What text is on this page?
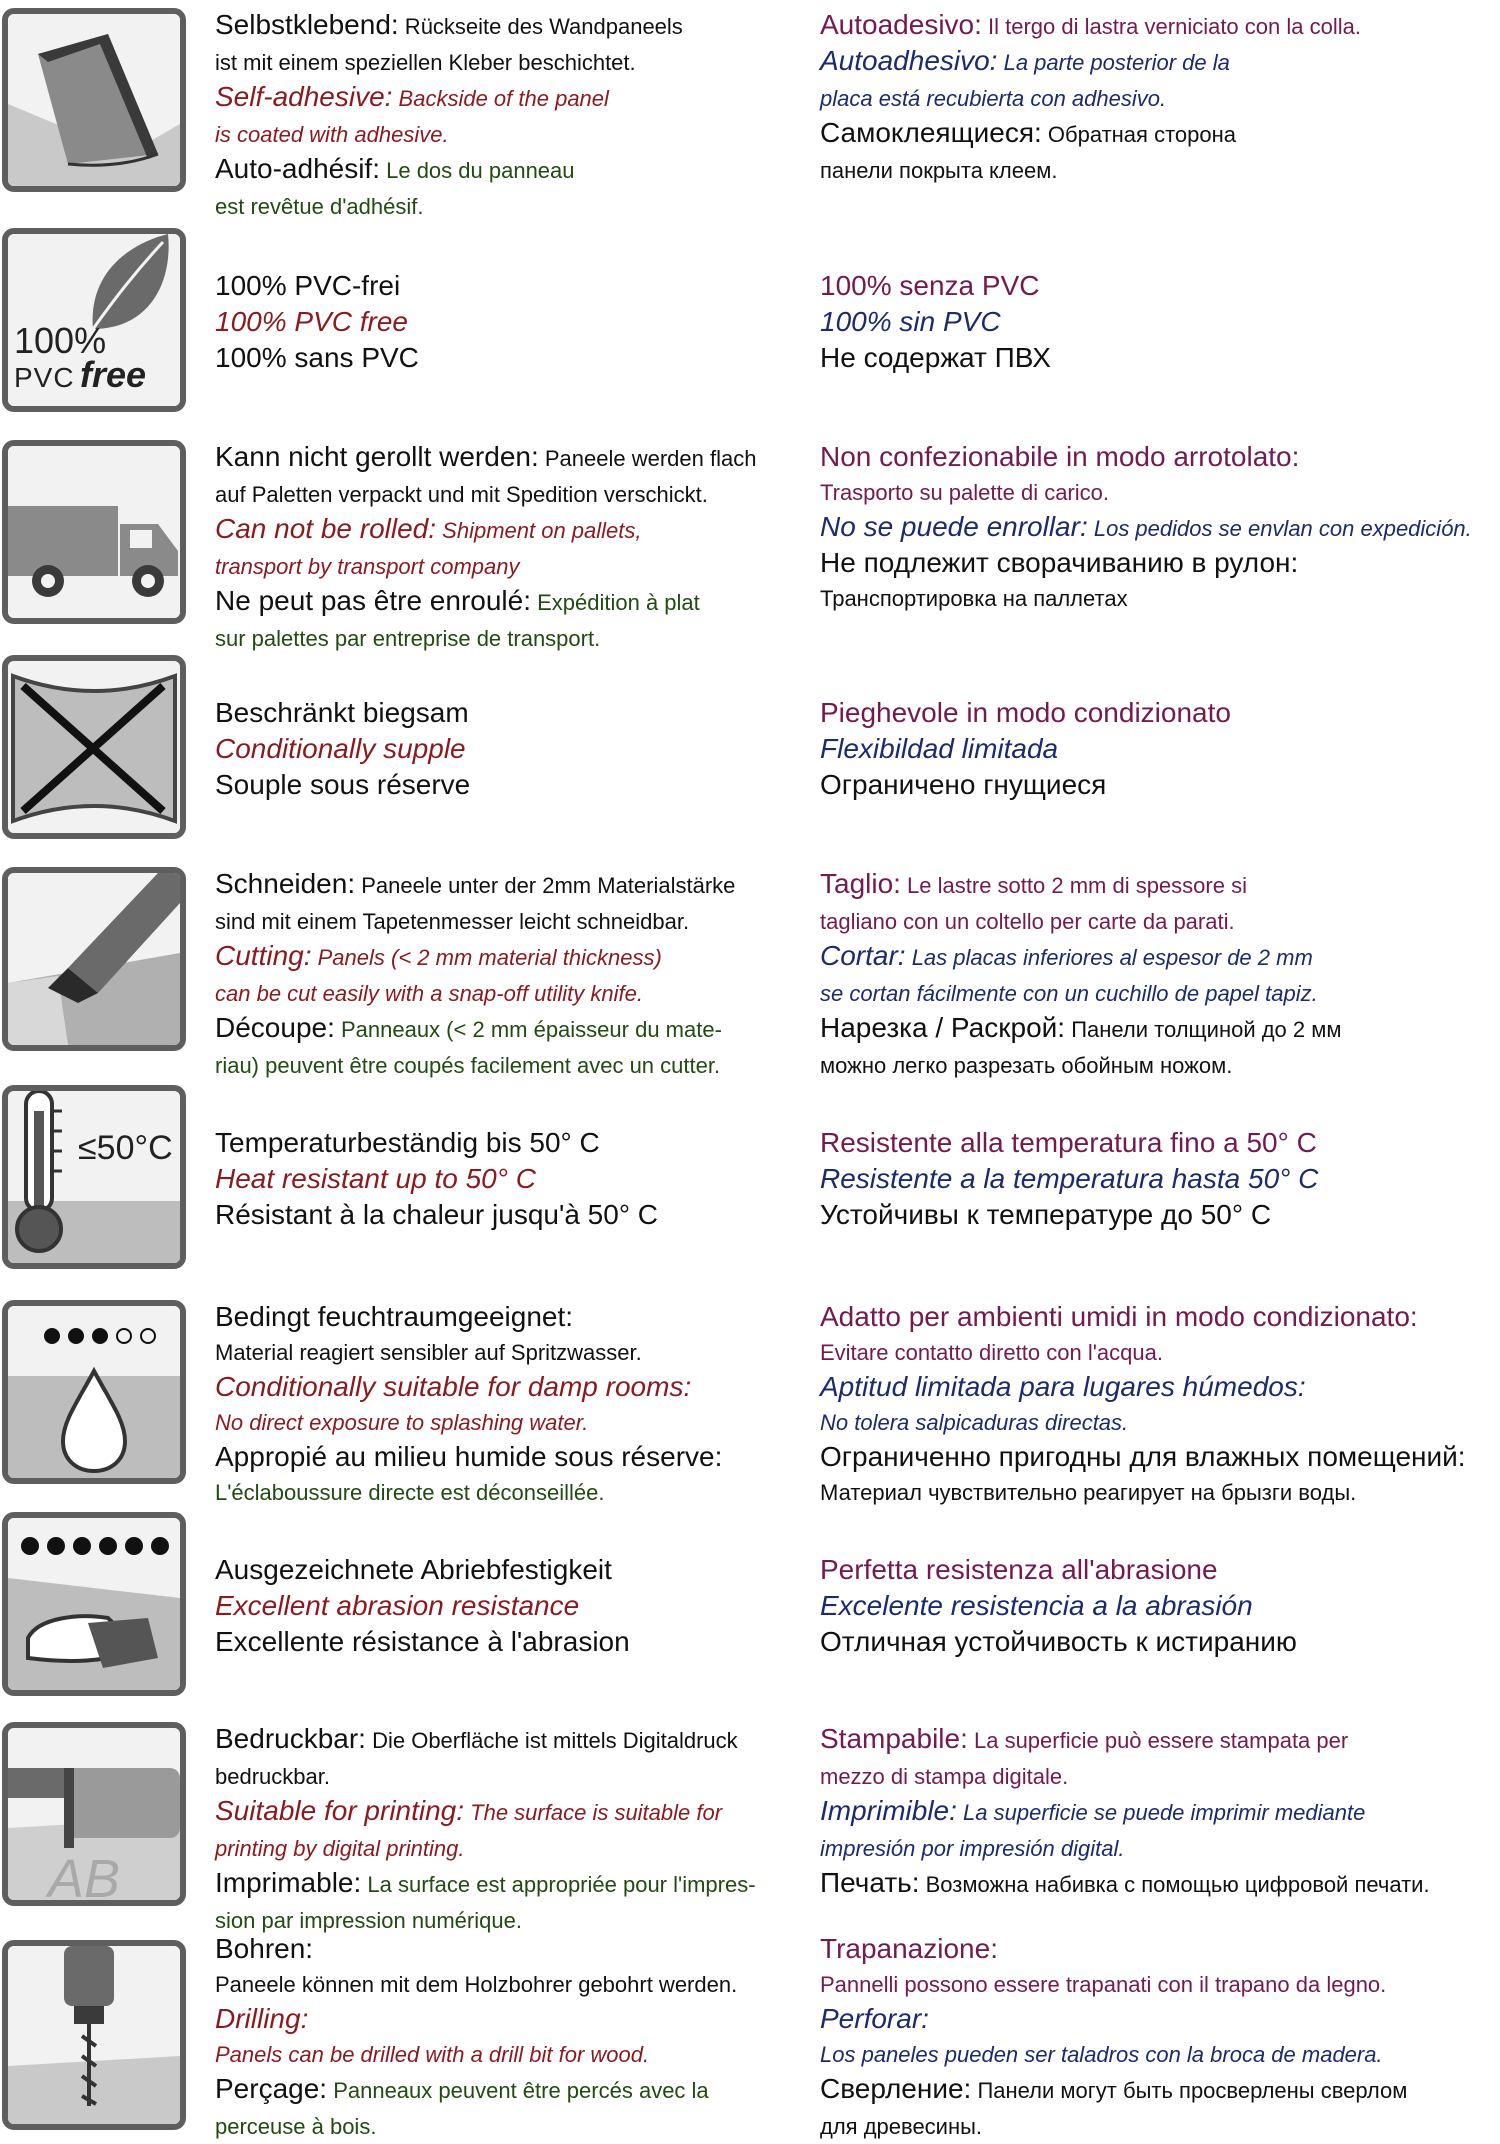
Selbstklebend: Rückseite des Wandpaneels
ist mit einem speziellen Kleber beschichtet.
Self-adhesive: Backside of the panel
is coated with adhesive.
Auto-adhésif: Le dos du panneau
est revêtue d'adhésif.
Autoadesivo: Il tergo di lastra verniciato con la colla.
Autoadhesivo: La parte posterior de la
placa está recubierta con adhesivo.
Самоклеящиеся: Обратная сторона
панели покрыта клеем.
100%
PVC free
100% PVC-frei
100% PVC free
100% sans PVC
100% senza PVC
100% sin PVC
Не содержат ПВХ
Kann nicht gerollt werden: Paneele werden flach
auf Paletten verpackt und mit Spedition verschickt.
Can not be rolled: Shipment on pallets,
transport by transport company
Ne peut pas être enroulé: Expédition à plat
sur palettes par entreprise de transport.
Non confezionabile in modo arrotolato:
Trasporto su palette di carico.
No se puede enrollar: Los pedidos se envlan con expedición.
Не подлежит сворачиванию в рулон:
Транспортировка на паллетах
Beschränkt biegsam
Conditionally supple
Souple sous réserve
Pieghevole in modo condizionato
Flexibildad limitada
Ограничено гнущиеся
Schneiden: Paneele unter der 2mm Materialstärke
sind mit einem Tapetenmesser leicht schneidbar.
Cutting: Panels (< 2 mm material thickness)
can be cut easily with a snap-off utility knife.
Découpe: Panneaux (< 2 mm épaisseur du mate-
riau) peuvent être coupés facilement avec un cutter.
Taglio: Le lastre sotto 2 mm di spessore si
tagliano con un coltello per carte da parati.
Cortar: Las placas inferiores al espesor de 2 mm
se cortan fácilmente con un cuchillo de papel tapiz.
Нарезка / Раскрой: Панели толщиной до 2 мм
можно легко разрезать обойным ножом.
≤50°C Temperaturbeständig bis 50° C
Heat resistant up to 50° C
Résistant à la chaleur jusqu'à 50° C
Resistente alla temperatura fino a 50° C
Resistente a la temperatura hasta 50° C
Устойчивы к температуре до 50° C
Bedingt feuchtraumgeeignet:
Material reagiert sensibler auf Spritzwasser.
Conditionally suitable for damp rooms:
No direct exposure to splashing water.
Appropié au milieu humide sous réserve:
L'éclaboussure directe est déconseillée.
Adatto per ambienti umidi in modo condizionato:
Evitare contatto diretto con l'acqua.
Aptitud limitada para lugares húmedos:
No tolera salpicaduras directas.
Ограниченно пригодны для влажных помещений:
Материал чувствительно реагирует на брызги воды.
Ausgezeichnete Abriebfestigkeit
Excellent abrasion resistance
Excellente résistance à l'abrasion
Perfetta resistenza all'abrasione
Excelente resistencia a la abrasión
Отличная устойчивость к истиранию
AB
Bedruckbar: Die Oberfläche ist mittels Digitaldruck
bedruckbar.
Suitable for printing: The surface is suitable for
printing by digital printing.
Imprimable: La surface est appropriée pour l'impres-
sion par impression numérique.
Stampabile: La superficie può essere stampata per
mezzo di stampa digitale.
Imprimible: La superficie se puede imprimir mediante
impresión por impresión digital.
Печать: Возможна набивка с помощью цифровой печати.
Bohren:
Paneele können mit dem Holzbohrer gebohrt werden.
Drilling:
Panels can be drilled with a drill bit for wood.
Perçage: Panneaux peuvent être percés avec la
perceuse à bois.
Trapanazione:
Pannelli possono essere trapanati con il trapano da legno.
Perforar:
Los paneles pueden ser taladros con la broca de madera.
Сверление: Панели могут быть просверлены сверлом
для древесины.
